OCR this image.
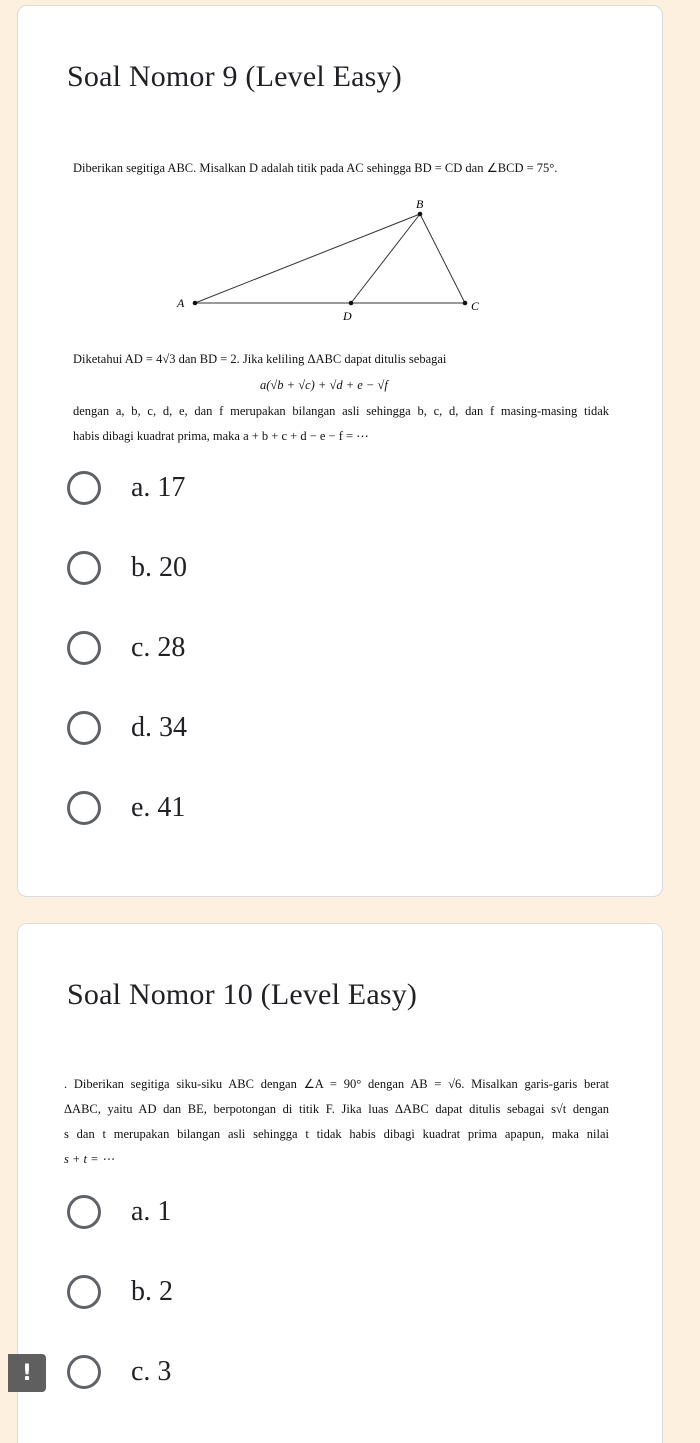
Soal Nomor 9 (Level Easy)
Diberikan segitiga ABC. Misalkan D adalah titik pada AC sehingga BD = CD dan ∠BCD = 75°.
A
B
C
D
Diketahui AD = 4√3 dan BD = 2. Jika keliling ΔABC dapat ditulis sebagai
a(√b + √c) + √d + e − √f
dengan a, b, c, d, e, dan f merupakan bilangan asli sehingga b, c, d, dan f masing-masing tidak
habis dibagi kuadrat prima, maka a + b + c + d − e − f = ⋯
a. 17
b. 20
c. 28
d. 34
e. 41
Soal Nomor 10 (Level Easy)
. Diberikan segitiga siku-siku ABC dengan ∠A = 90° dengan AB = √6. Misalkan garis-garis berat
ΔABC, yaitu AD dan BE, berpotongan di titik F. Jika luas ΔABC dapat ditulis sebagai s√t dengan
s dan t merupakan bilangan asli sehingga t tidak habis dibagi kuadrat prima apapun, maka nilai
s + t = ⋯
a. 1
b. 2
c. 3
!
